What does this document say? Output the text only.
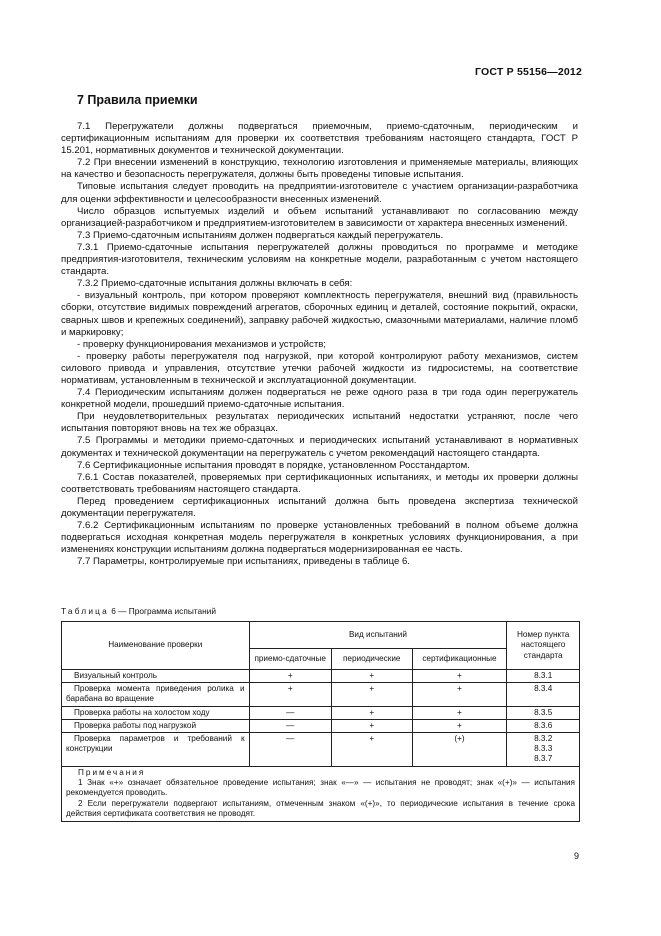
ГОСТ Р 55156—2012
7 Правила приемки

7.1 Перегружатели должны подвергаться приемочным, приемо-сдаточным, периодическим и сертификационным испытаниям для проверки их соответствия требованиям настоящего стандарта, ГОСТ Р 15.201, нормативных документов и технической документации.

7.2 При внесении изменений в конструкцию, технологию изготовления и применяемые материалы, влияющих на качество и безопасность перегружателя, должны быть проведены типовые испытания.

Типовые испытания следует проводить на предприятии-изготовителе с участием организации-разработчика для оценки эффективности и целесообразности внесенных изменений.

Число образцов испытуемых изделий и объем испытаний устанавливают по согласованию между организацией-разработчиком и предприятием-изготовителем в зависимости от характера внесенных изменений.

7.3 Приемо-сдаточным испытаниям должен подвергаться каждый перегружатель.

7.3.1 Приемо-сдаточные испытания перегружателей должны проводиться по программе и методике предприятия-изготовителя, техническим условиям на конкретные модели, разработанным с учетом настоящего стандарта.

7.3.2 Приемо-сдаточные испытания должны включать в себя:

- визуальный контроль, при котором проверяют комплектность перегружателя, внешний вид (правильность сборки, отсутствие видимых повреждений агрегатов, сборочных единиц и деталей, состояние покрытий, окраски, сварных швов и крепежных соединений), заправку рабочей жидкостью, смазочными материалами, наличие пломб и маркировку;

- проверку функционирования механизмов и устройств;

- проверку работы перегружателя под нагрузкой, при которой контролируют работу механизмов, систем силового привода и управления, отсутствие утечки рабочей жидкости из гидросистемы, на соответствие нормативам, установленным в технической и эксплуатационной документации.

7.4 Периодическим испытаниям должен подвергаться не реже одного раза в три года один перегружатель конкретной модели, прошедший приемо-сдаточные испытания.

При неудовлетворительных результатах периодических испытаний недостатки устраняют, после чего испытания повторяют вновь на тех же образцах.

7.5 Программы и методики приемо-сдаточных и периодических испытаний устанавливают в нормативных документах и технической документации на перегружатель с учетом рекомендаций настоящего стандарта.

7.6 Сертификационные испытания проводят в порядке, установленном Росстандартом.

7.6.1 Состав показателей, проверяемых при сертификационных испытаниях, и методы их проверки должны соответствовать требованиям настоящего стандарта.

Перед проведением сертификационных испытаний должна быть проведена экспертиза технической документации перегружателя.

7.6.2 Сертификационным испытаниям по проверке установленных требований в полном объеме должна подвергаться исходная конкретная модель перегружателя в конкретных условиях функционирования, а при изменениях конструкции испытаниям должна подвергаться модернизированная ее часть.

7.7 Параметры, контролируемые при испытаниях, приведены в таблице 6.

Таблица 6 — Программа испытаний
Наименование проверки	Вид испытаний			Номер пункта настоящего стандарта
	приемо-сдаточные	периодические	сертификационные	
Визуальный контроль	+	+	+	8.3.1
Проверка момента приведения ролика и барабана во вращение	+	+	+	8.3.4
Проверка работы на холостом ходу	—	+	+	8.3.5
Проверка работы под нагрузкой	—	+	+	8.3.6
Проверка параметров и требований к конструкции	—	+	(+)	8.3.2
8.3.3
8.3.7

Примечания

1 Знак «+» означает обязательное проведение испытания; знак «—» — испытания не проводят; знак «(+)» — испытания рекомендуется проводить.

2 Если перегружатели подвергают испытаниям, отмеченным знаком «(+)», то периодические испытания в течение срока действия сертификата соответствия не проводят.				

9
